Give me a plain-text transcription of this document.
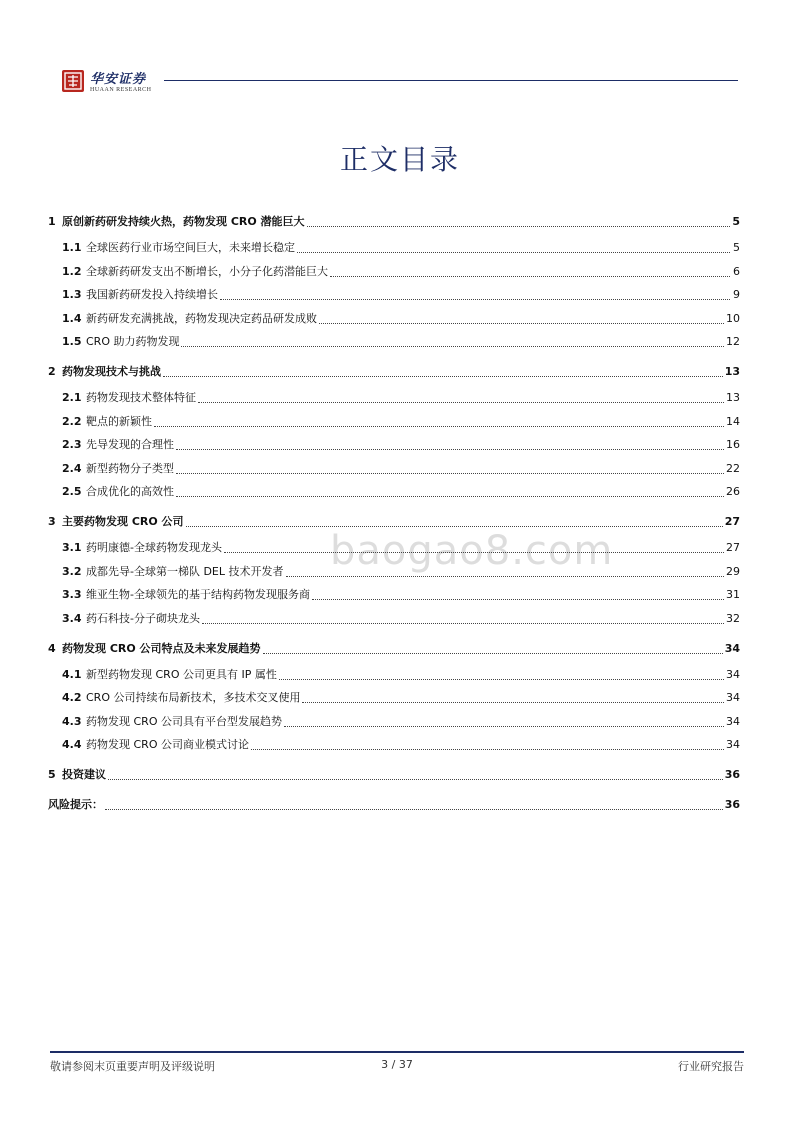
华安证券
HUAAN RESEARCH
正文目录
baogao8.com
1 原创新药研发持续火热，药物发现 CRO 潜能巨大	5
1.1 全球医药行业市场空间巨大，未来增长稳定	5
1.2 全球新药研发支出不断增长，小分子化药潜能巨大	6
1.3 我国新药研发投入持续增长	9
1.4 新药研发充满挑战，药物发现决定药品研发成败	10
1.5 CRO 助力药物发现	12
2 药物发现技术与挑战	13
2.1 药物发现技术整体特征	13
2.2 靶点的新颖性	14
2.3 先导发现的合理性	16
2.4 新型药物分子类型	22
2.5 合成优化的高效性	26
3 主要药物发现 CRO 公司	27
3.1 药明康德-全球药物发现龙头	27
3.2 成都先导-全球第一梯队 DEL 技术开发者	29
3.3 维亚生物-全球领先的基于结构药物发现服务商	31
3.4 药石科技-分子砌块龙头	32
4 药物发现 CRO 公司特点及未来发展趋势	34
4.1 新型药物发现 CRO 公司更具有 IP 属性	34
4.2 CRO 公司持续布局新技术，多技术交叉使用	34
4.3 药物发现 CRO 公司具有平台型发展趋势	34
4.4 药物发现 CRO 公司商业模式讨论	34
5 投资建议	36
风险提示：	36
敬请参阅末页重要声明及评级说明	3 / 37	行业研究报告
